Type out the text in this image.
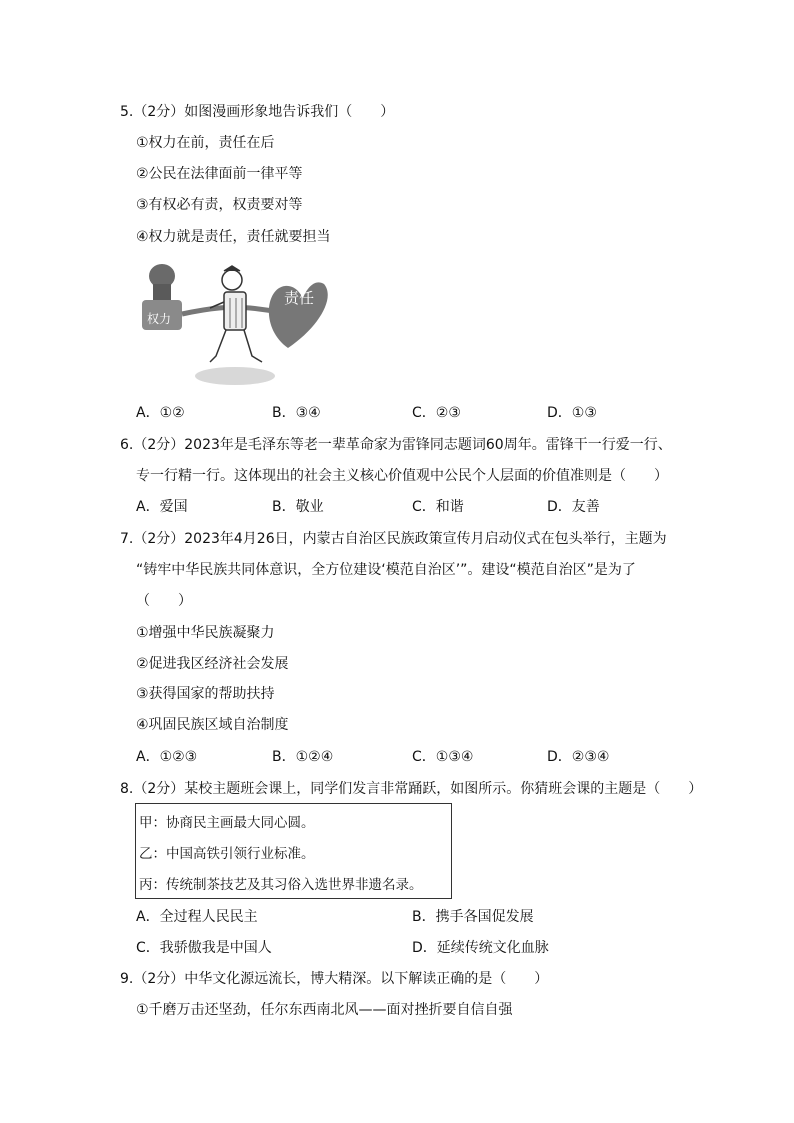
5.（2分）如图漫画形象地告诉我们（　　）
①权力在前，责任在后
②公民在法律面前一律平等
③有权必有责，权责要对等
④权力就是责任，责任就要担当
权力
责任
A．①②	B．③④	C．②③	D．①③
6.（2分）2023年是毛泽东等老一辈革命家为雷锋同志题词60周年。雷锋干一行爱一行、
专一行精一行。这体现出的社会主义核心价值观中公民个人层面的价值准则是（　　）
A．爱国	B．敬业	C．和谐	D．友善
7.（2分）2023年4月26日，内蒙古自治区民族政策宣传月启动仪式在包头举行，主题为
“铸牢中华民族共同体意识，全方位建设‘模范自治区’”。建设“模范自治区”是为了
（　　）
①增强中华民族凝聚力
②促进我区经济社会发展
③获得国家的帮助扶持
④巩固民族区域自治制度
A．①②③	B．①②④	C．①③④	D．②③④
8.（2分）某校主题班会课上，同学们发言非常踊跃，如图所示。你猜班会课的主题是（　　）
甲：协商民主画最大同心圆。
乙：中国高铁引领行业标准。
丙：传统制茶技艺及其习俗入选世界非遗名录。
A．全过程人民民主	B．携手各国促发展
C．我骄傲我是中国人	D．延续传统文化血脉
9.（2分）中华文化源远流长，博大精深。以下解读正确的是（　　）
①千磨万击还坚劲，任尔东西南北风——面对挫折要自信自强
